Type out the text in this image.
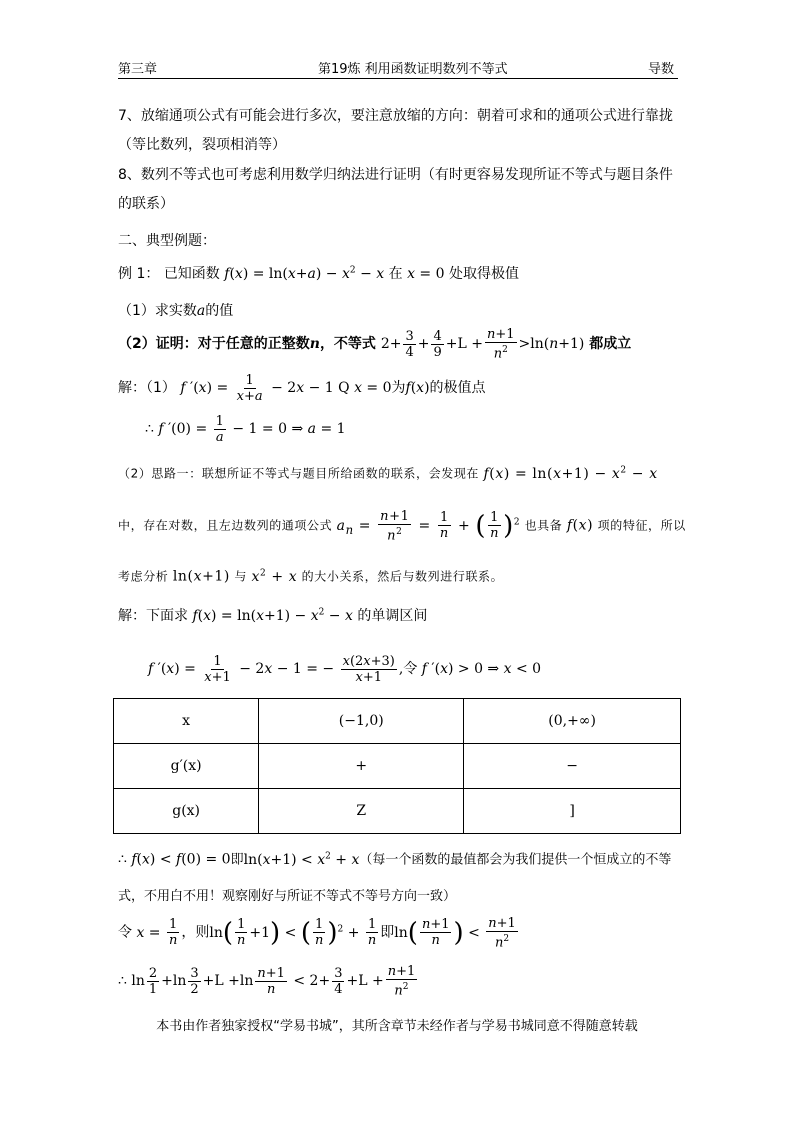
第三章	第19炼 利用函数证明数列不等式	导数
7、放缩通项公式有可能会进行多次，要注意放缩的方向：朝着可求和的通项公式进行靠拢（等比数列，裂项相消等）
8、数列不等式也可考虑利用数学归纳法进行证明（有时更容易发现所证不等式与题目条件的联系）
二、典型例题：
例 1： 已知函数 $f(x) = \ln(x+a) - x^2 - x$ 在 x = 0 处取得极值
（1）求实数a的值
（2）证明：对于任意的正整数n，不等式 $2+ \frac{3}{4} + \frac{4}{9} +L + \frac{n+1}{n^2} >\ln(n+1)$ 都成立
解：（1） f $'(x) = \frac{1}{x+a} - 2x - 1$ Q x = 0为f(x)的极值点
∴ f $'(0) = \frac{1}{a} - 1 = 0$ ⇒ a = 1
（2）思路一：联想所证不等式与题目所给函数的联系，会发现在 $f(x) = \ln(x+1) - x^2 - x$
中，存在对数，且左边数列的通项公式 $a_n = \frac{n+1}{n^2} = \frac{1}{n}$ + ( $\frac{1}{n} )^2$ 也具备 f(x) 项的特征，所以
考虑分析 ln(x+1) 与 $x^2 + x$ 的大小关系，然后与数列进行联系。
解：下面求 $f(x) = \ln(x+1) - x^2 - x$ 的单调区间
f $'(x) = \frac{1}{x+1} - 2x - 1$ = − $\frac{x(2x+3)}{x+1}$ ,令 f ′(x) > 0 ⇒ x < 0
x	(−1,0)	(0,+∞)
g′(x)	+	−
g(x)	Z	]
∴ f(x) < f(0) = 0即$\ln(x+1) < x^2 + x$（每一个函数的最值都会为我们提供一个恒成立的不等式，不用白不用！观察刚好与所证不等式不等号方向一致）
令 $x = \frac{1}{n}$ ，则$\ln( \frac{1}{n} +1)$ < ( $\frac{1}{n} )^2 + \frac{1}{n}$ 即$\ln( \frac{n+1}{n}$ ) < $\frac{n+1}{n^2}$
∴ $\ln \frac{2}{1} +\ln \frac{3}{2} +L +\ln \frac{n+1}{n} < 2+ \frac{3}{4} +L + \frac{n+1}{n^2}$
本书由作者独家授权“学易书城”，其所含章节未经作者与学易书城同意不得随意转载
